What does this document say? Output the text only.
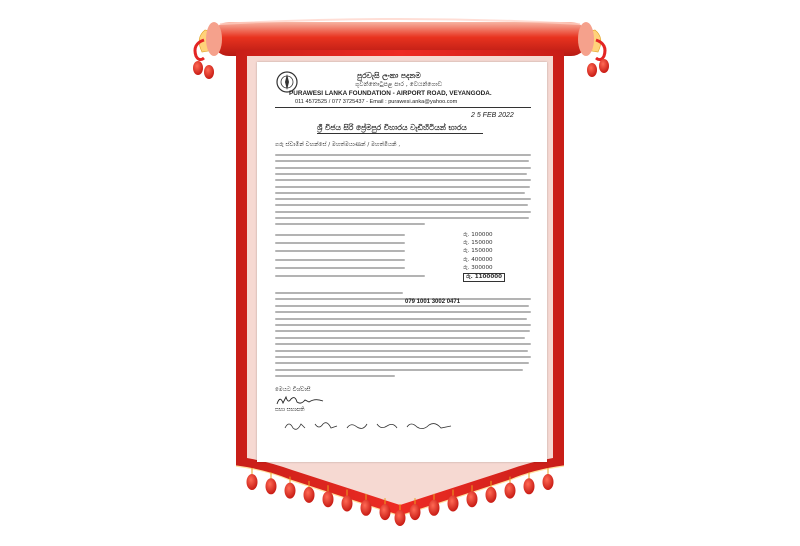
පුරවැසි ලංකා පදනම
ගුවන්තොටුපළ පාර , වෙයන්ගොඩ
PURAWESI LANKA FOUNDATION - AIRPORT ROAD, VEYANGODA.
011 4572525 / 077 3725437 - Email : purawesi.anka@yahoo.com
2 5 FEB 2022
ශ්‍රී විජය සිරි ප්‍රේමපුර විහාරය වැඩිහිටියන් භාරය
ගරු ස්වාමීන් වහන්සේ / මහත්මයාණන් / මහත්මියනි ,
රු. 100000
රු. 150000
රු. 150000
රු. 400000
රු. 300000
රු. 1100000
079 1001 3002 0471
මෙයට විශ්වාසී
සභා සභාපති
